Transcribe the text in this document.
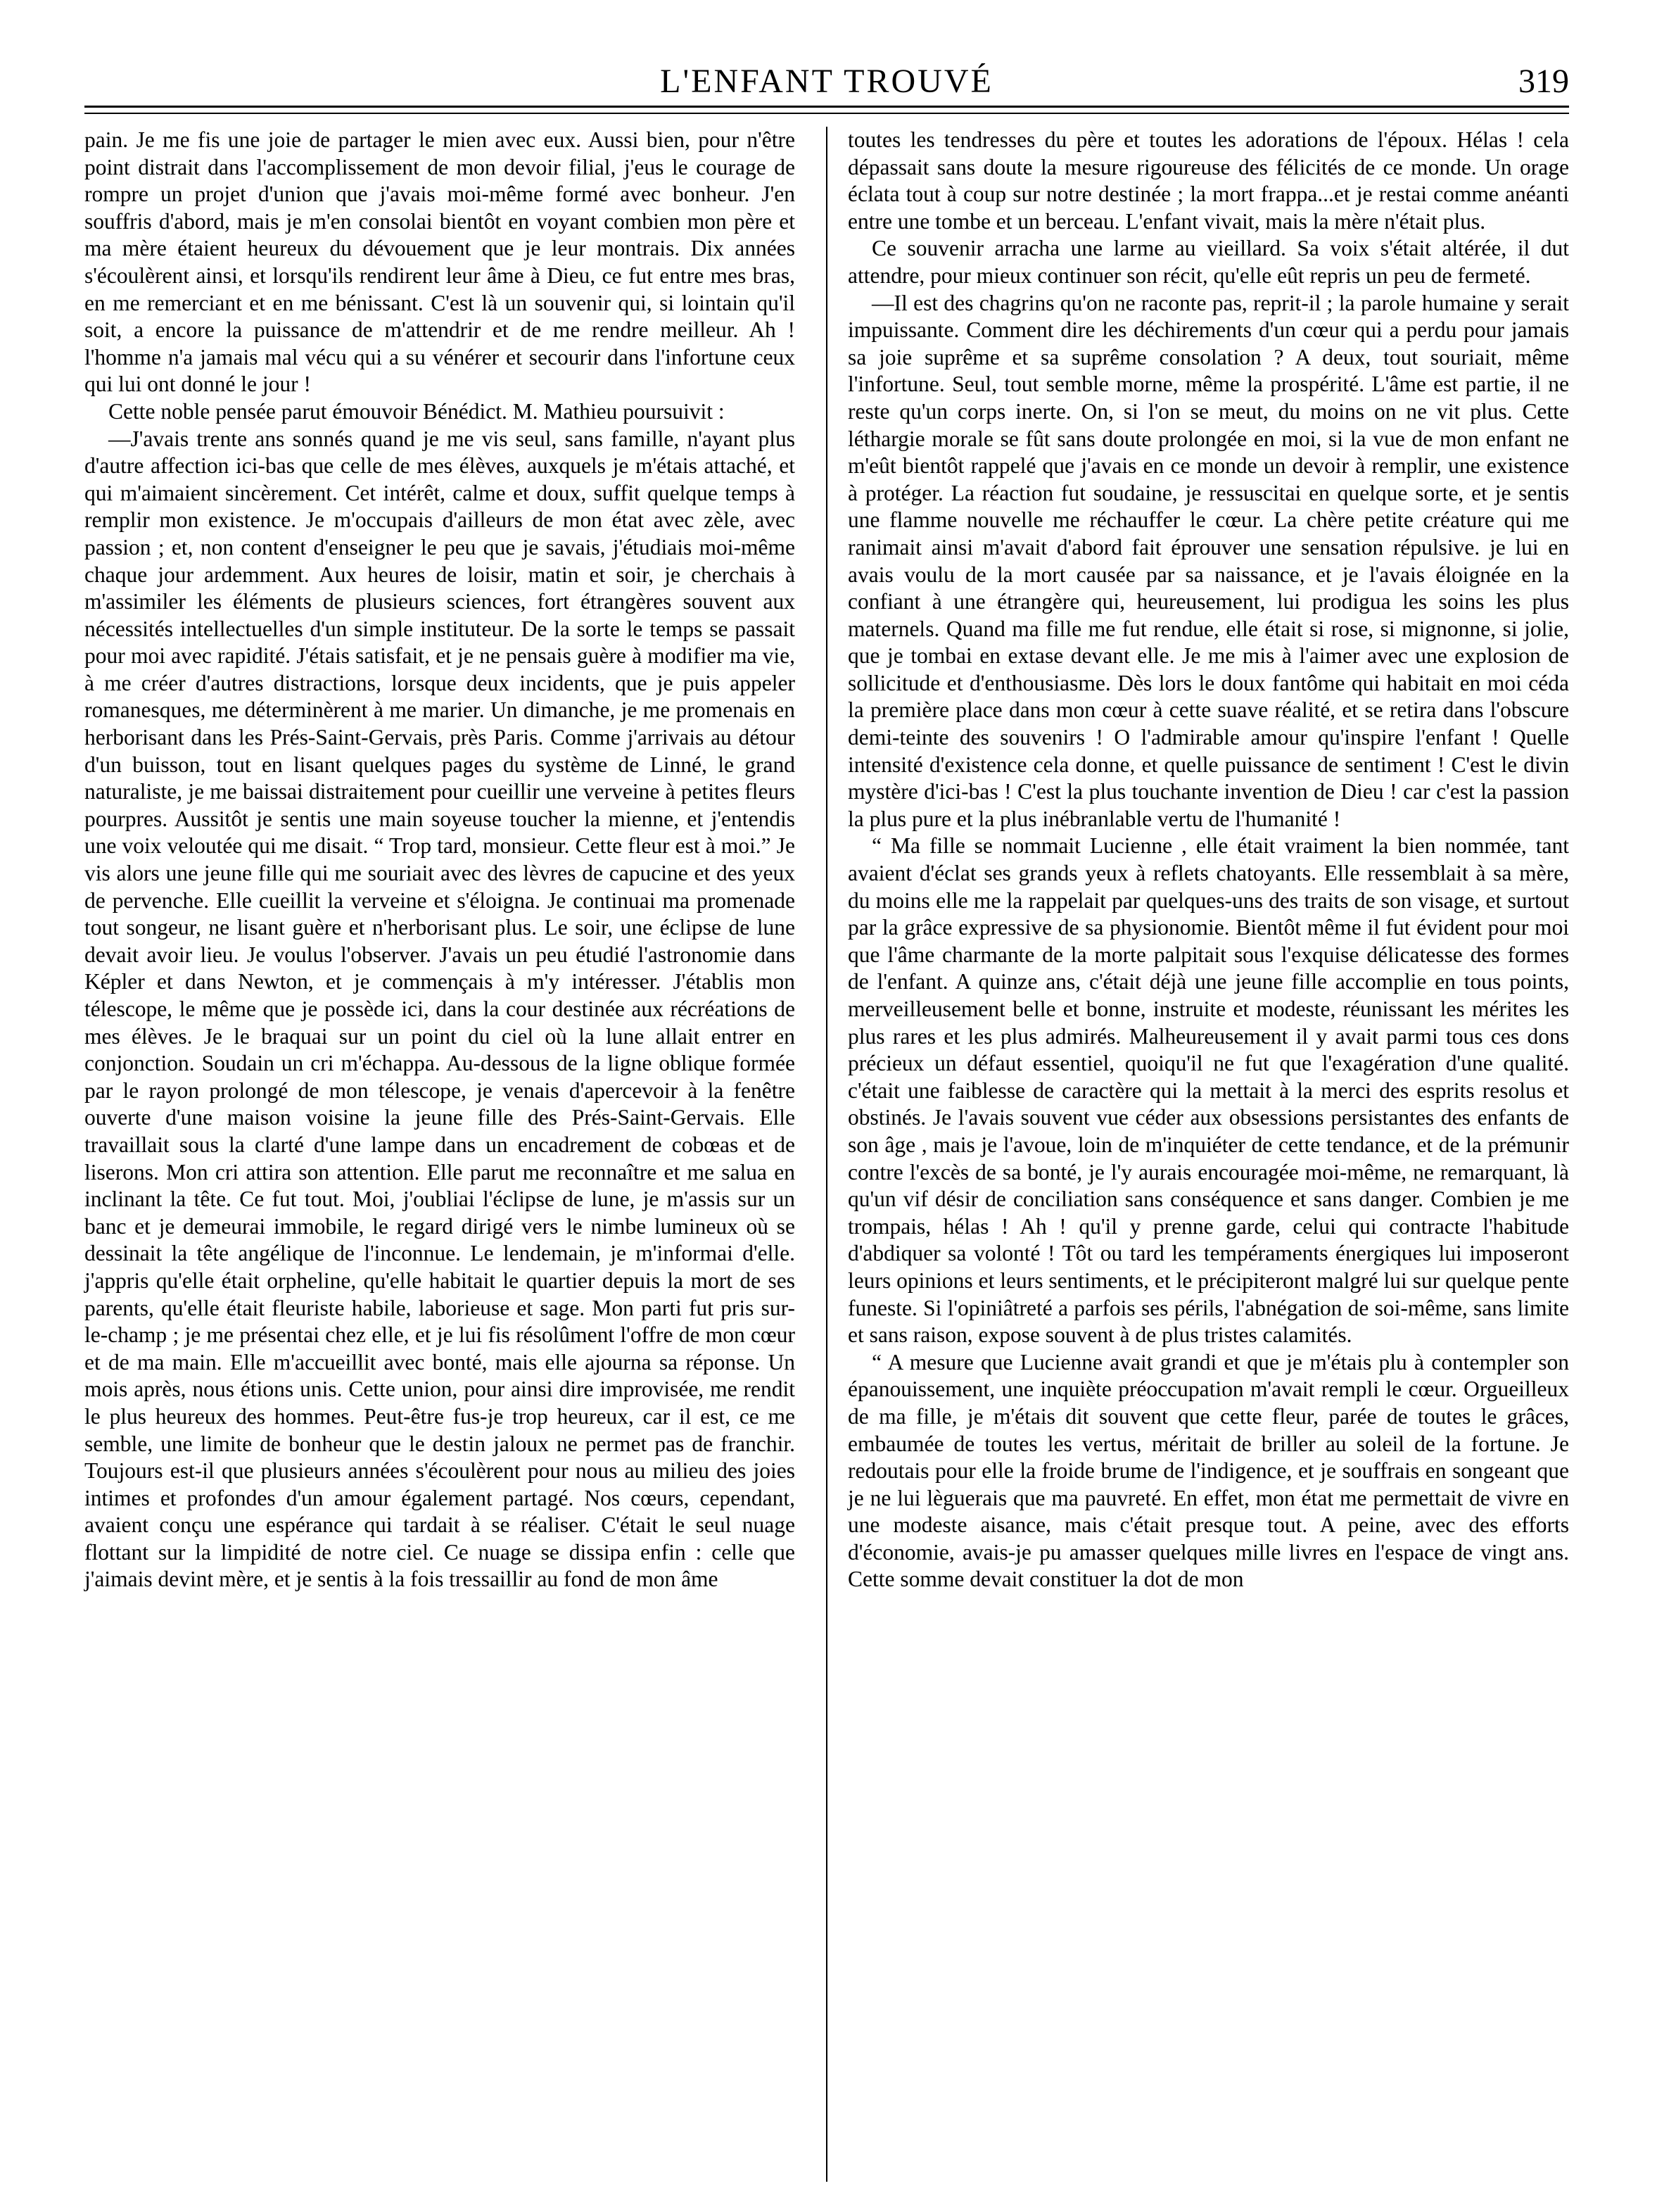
L'ENFANT TROUVÉ	319

pain. Je me fis une joie de partager le mien avec eux. Aussi bien, pour n'être point distrait dans l'accomplissement de mon devoir filial, j'eus le courage de rompre un projet d'union que j'avais moi-même formé avec bonheur. J'en souffris d'abord, mais je m'en consolai bientôt en voyant combien mon père et ma mère étaient heureux du dévouement que je leur montrais. Dix années s'écoulèrent ainsi, et lorsqu'ils rendirent leur âme à Dieu, ce fut entre mes bras, en me remerciant et en me bénissant. C'est là un souvenir qui, si lointain qu'il soit, a encore la puissance de m'attendrir et de me rendre meilleur. Ah ! l'homme n'a jamais mal vécu qui a su vénérer et secourir dans l'infortune ceux qui lui ont donné le jour !

Cette noble pensée parut émouvoir Bénédict. M. Mathieu poursuivit :

—J'avais trente ans sonnés quand je me vis seul, sans famille, n'ayant plus d'autre affection ici-bas que celle de mes élèves, auxquels je m'étais attaché, et qui m'aimaient sincèrement. Cet intérêt, calme et doux, suffit quelque temps à remplir mon existence. Je m'occupais d'ailleurs de mon état avec zèle, avec passion ; et, non content d'enseigner le peu que je savais, j'étudiais moi-même chaque jour ardemment. Aux heures de loisir, matin et soir, je cherchais à m'assimiler les éléments de plusieurs sciences, fort étrangères souvent aux nécessités intellectuelles d'un simple instituteur. De la sorte le temps se passait pour moi avec rapidité. J'étais satisfait, et je ne pensais guère à modifier ma vie, à me créer d'autres distractions, lorsque deux incidents, que je puis appeler romanesques, me déterminèrent à me marier. Un dimanche, je me promenais en herborisant dans les Prés-Saint-Gervais, près Paris. Comme j'arrivais au détour d'un buisson, tout en lisant quelques pages du système de Linné, le grand naturaliste, je me baissai distraitement pour cueillir une verveine à petites fleurs pourpres. Aussitôt je sentis une main soyeuse toucher la mienne, et j'entendis une voix veloutée qui me disait. “ Trop tard, monsieur. Cette fleur est à moi.” Je vis alors une jeune fille qui me souriait avec des lèvres de capucine et des yeux de pervenche. Elle cueillit la verveine et s'éloigna. Je continuai ma promenade tout songeur, ne lisant guère et n'herborisant plus. Le soir, une éclipse de lune devait avoir lieu. Je voulus l'observer. J'avais un peu étudié l'astronomie dans Képler et dans Newton, et je commençais à m'y intéresser. J'établis mon télescope, le même que je possède ici, dans la cour destinée aux récréations de mes élèves. Je le braquai sur un point du ciel où la lune allait entrer en conjonction. Soudain un cri m'échappa. Au-dessous de la ligne oblique formée par le rayon prolongé de mon télescope, je venais d'apercevoir à la fenêtre ouverte d'une maison voisine la jeune fille des Prés-Saint-Gervais. Elle travaillait sous la clarté d'une lampe dans un encadrement de cobœas et de liserons. Mon cri attira son attention. Elle parut me reconnaître et me salua en inclinant la tête. Ce fut tout. Moi, j'oubliai l'éclipse de lune, je m'assis sur un banc et je demeurai immobile, le regard dirigé vers le nimbe lumineux où se dessinait la tête angélique de l'inconnue. Le lendemain, je m'informai d'elle. j'appris qu'elle était orpheline, qu'elle habitait le quartier depuis la mort de ses parents, qu'elle était fleuriste habile, laborieuse et sage. Mon parti fut pris sur-le-champ ; je me présentai chez elle, et je lui fis résolûment l'offre de mon cœur et de ma main. Elle m'accueillit avec bonté, mais elle ajourna sa réponse. Un mois après, nous étions unis. Cette union, pour ainsi dire improvisée, me rendit le plus heureux des hommes. Peut-être fus-je trop heureux, car il est, ce me semble, une limite de bonheur que le destin jaloux ne permet pas de franchir. Toujours est-il que plusieurs années s'écoulèrent pour nous au milieu des joies intimes et profondes d'un amour également partagé. Nos cœurs, cependant, avaient conçu une espérance qui tardait à se réaliser. C'était le seul nuage flottant sur la limpidité de notre ciel. Ce nuage se dissipa enfin : celle que j'aimais devint mère, et je sentis à la fois tressaillir au fond de mon âme

toutes les tendresses du père et toutes les adorations de l'époux. Hélas ! cela dépassait sans doute la mesure rigoureuse des félicités de ce monde. Un orage éclata tout à coup sur notre destinée ; la mort frappa...et je restai comme anéanti entre une tombe et un berceau. L'enfant vivait, mais la mère n'était plus.

Ce souvenir arracha une larme au vieillard. Sa voix s'était altérée, il dut attendre, pour mieux continuer son récit, qu'elle eût repris un peu de fermeté.

—Il est des chagrins qu'on ne raconte pas, reprit-il ; la parole humaine y serait impuissante. Comment dire les déchirements d'un cœur qui a perdu pour jamais sa joie suprême et sa suprême consolation ? A deux, tout souriait, même l'infortune. Seul, tout semble morne, même la prospérité. L'âme est partie, il ne reste qu'un corps inerte. On, si l'on se meut, du moins on ne vit plus. Cette léthargie morale se fût sans doute prolongée en moi, si la vue de mon enfant ne m'eût bientôt rappelé que j'avais en ce monde un devoir à remplir, une existence à protéger. La réaction fut soudaine, je ressuscitai en quelque sorte, et je sentis une flamme nouvelle me réchauffer le cœur. La chère petite créature qui me ranimait ainsi m'avait d'abord fait éprouver une sensation répulsive. je lui en avais voulu de la mort causée par sa naissance, et je l'avais éloignée en la confiant à une étrangère qui, heureusement, lui prodigua les soins les plus maternels. Quand ma fille me fut rendue, elle était si rose, si mignonne, si jolie, que je tombai en extase devant elle. Je me mis à l'aimer avec une explosion de sollicitude et d'enthousiasme. Dès lors le doux fantôme qui habitait en moi céda la première place dans mon cœur à cette suave réalité, et se retira dans l'obscure demi-teinte des souvenirs ! O l'admirable amour qu'inspire l'enfant ! Quelle intensité d'existence cela donne, et quelle puissance de sentiment ! C'est le divin mystère d'ici-bas ! C'est la plus touchante invention de Dieu ! car c'est la passion la plus pure et la plus inébranlable vertu de l'humanité !

“ Ma fille se nommait Lucienne , elle était vraiment la bien nommée, tant avaient d'éclat ses grands yeux à reflets chatoyants. Elle ressemblait à sa mère, du moins elle me la rappelait par quelques-uns des traits de son visage, et surtout par la grâce expressive de sa physionomie. Bientôt même il fut évident pour moi que l'âme charmante de la morte palpitait sous l'exquise délicatesse des formes de l'enfant. A quinze ans, c'était déjà une jeune fille accomplie en tous points, merveilleusement belle et bonne, instruite et modeste, réunissant les mérites les plus rares et les plus admirés. Malheureusement il y avait parmi tous ces dons précieux un défaut essentiel, quoiqu'il ne fut que l'exagération d'une qualité. c'était une faiblesse de caractère qui la mettait à la merci des esprits resolus et obstinés. Je l'avais souvent vue céder aux obsessions persistantes des enfants de son âge , mais je l'avoue, loin de m'inquiéter de cette tendance, et de la prémunir contre l'excès de sa bonté, je l'y aurais encouragée moi-même, ne remarquant, là qu'un vif désir de conciliation sans conséquence et sans danger. Combien je me trompais, hélas ! Ah ! qu'il y prenne garde, celui qui contracte l'habitude d'abdiquer sa volonté ! Tôt ou tard les tempéraments énergiques lui imposeront leurs opinions et leurs sentiments, et le précipiteront malgré lui sur quelque pente funeste. Si l'opiniâtreté a parfois ses périls, l'abnégation de soi-même, sans limite et sans raison, expose souvent à de plus tristes calamités.

“ A mesure que Lucienne avait grandi et que je m'étais plu à contempler son épanouissement, une inquiète préoccupation m'avait rempli le cœur. Orgueilleux de ma fille, je m'étais dit souvent que cette fleur, parée de toutes le grâces, embaumée de toutes les vertus, méritait de briller au soleil de la fortune. Je redoutais pour elle la froide brume de l'indigence, et je souffrais en songeant que je ne lui lèguerais que ma pauvreté. En effet, mon état me permettait de vivre en une modeste aisance, mais c'était presque tout. A peine, avec des efforts d'économie, avais-je pu amasser quelques mille livres en l'espace de vingt ans. Cette somme devait constituer la dot de mon
